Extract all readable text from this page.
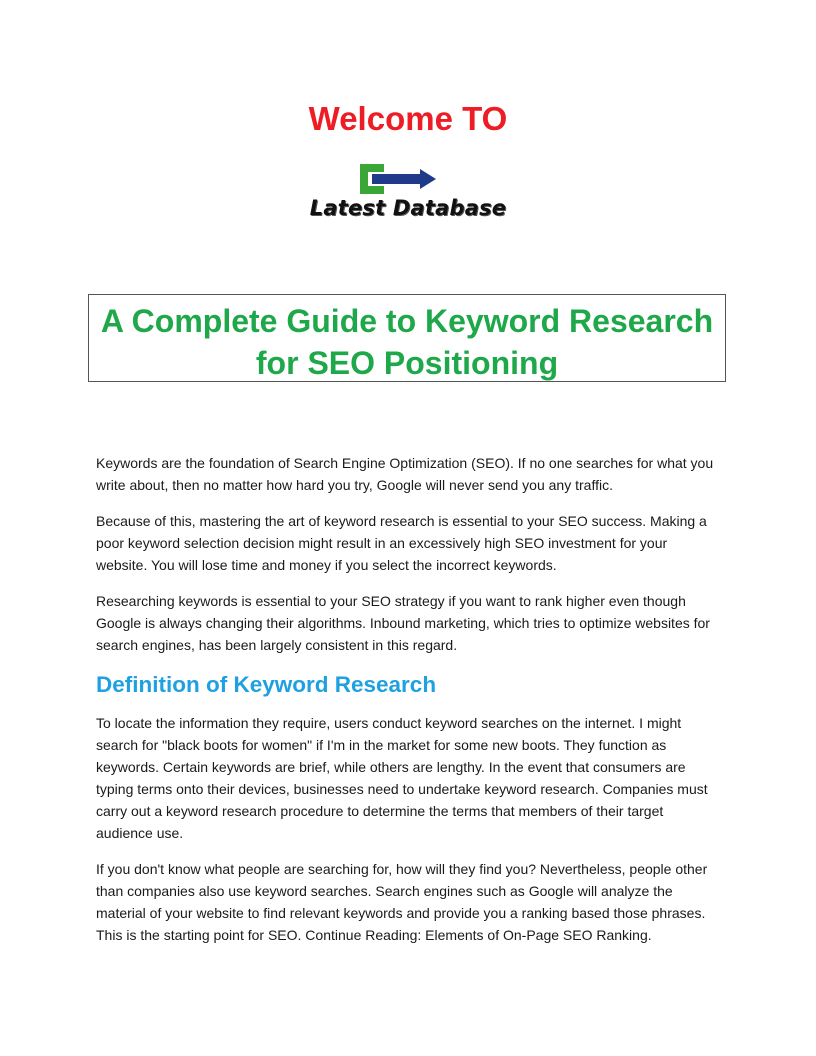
Welcome TO
Latest Database
A Complete Guide to Keyword Research
for SEO Positioning

Keywords are the foundation of Search Engine Optimization (SEO). If no one searches for what you write about, then no matter how hard you try, Google will never send you any traffic.

Because of this, mastering the art of keyword research is essential to your SEO success. Making a poor keyword selection decision might result in an excessively high SEO investment for your website. You will lose time and money if you select the incorrect keywords.

Researching keywords is essential to your SEO strategy if you want to rank higher even though Google is always changing their algorithms. Inbound marketing, which tries to optimize websites for search engines, has been largely consistent in this regard.

Definition of Keyword Research

To locate the information they require, users conduct keyword searches on the internet. I might search for "black boots for women" if I'm in the market for some new boots. They function as keywords. Certain keywords are brief, while others are lengthy. In the event that consumers are typing terms onto their devices, businesses need to undertake keyword research. Companies must carry out a keyword research procedure to determine the terms that members of their target audience use.

If you don't know what people are searching for, how will they find you? Nevertheless, people other than companies also use keyword searches. Search engines such as Google will analyze the material of your website to find relevant keywords and provide you a ranking based those phrases. This is the starting point for SEO. Continue Reading: Elements of On-Page SEO Ranking.
